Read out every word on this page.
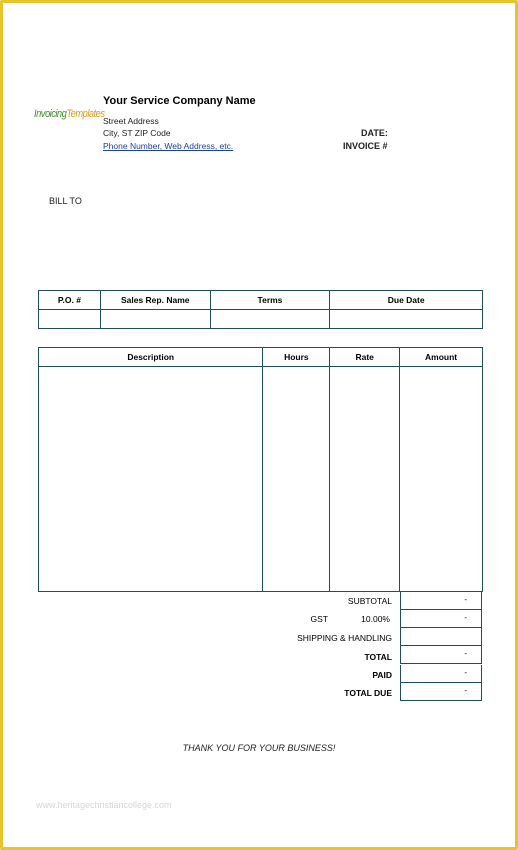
InvoicingTemplates
Your Service Company Name
Street Address
City, ST ZIP Code
Phone Number, Web Address, etc.
DATE:
INVOICE #
BILL TO
P.O. #	Sales Rep. Name	Terms	Due Date

Description	Hours	Rate	Amount

SUBTOTAL	-
GST	10.00%	-
SHIPPING & HANDLING
TOTAL	-
PAID	-
TOTAL DUE	-
THANK YOU FOR YOUR BUSINESS!
www.heritagechristiancollege.com
